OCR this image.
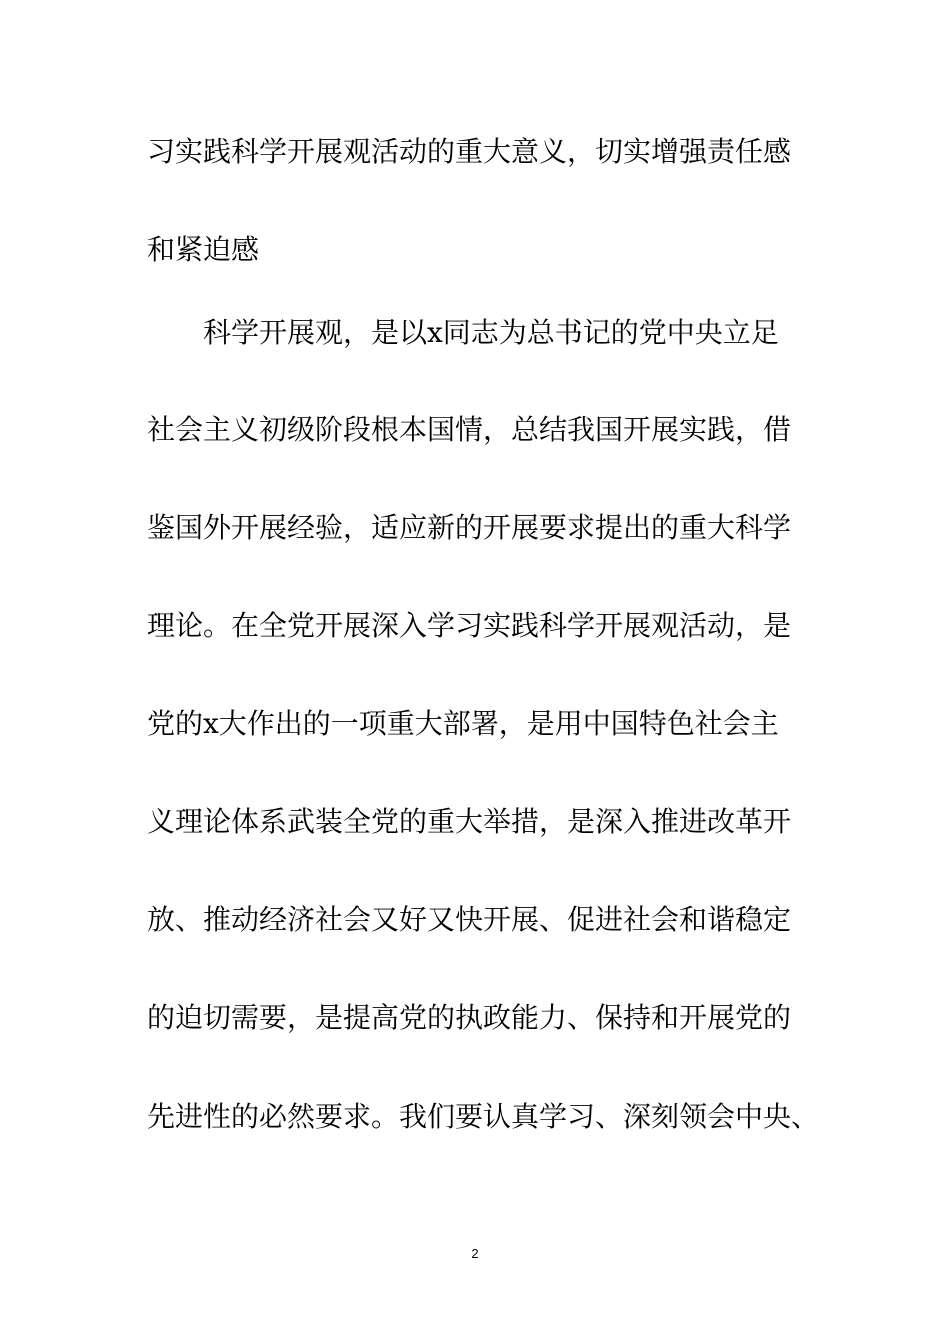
习实践科学开展观活动的重大意义，切实增强责任感
和紧迫感
科学开展观，是以x同志为总书记的党中央立足
社会主义初级阶段根本国情，总结我国开展实践，借
鉴国外开展经验，适应新的开展要求提出的重大科学
理论。在全党开展深入学习实践科学开展观活动，是
党的x大作出的一项重大部署，是用中国特色社会主
义理论体系武装全党的重大举措，是深入推进改革开
放、推动经济社会又好又快开展、促进社会和谐稳定
的迫切需要，是提高党的执政能力、保持和开展党的
先进性的必然要求。我们要认真学习、深刻领会中央、
2
